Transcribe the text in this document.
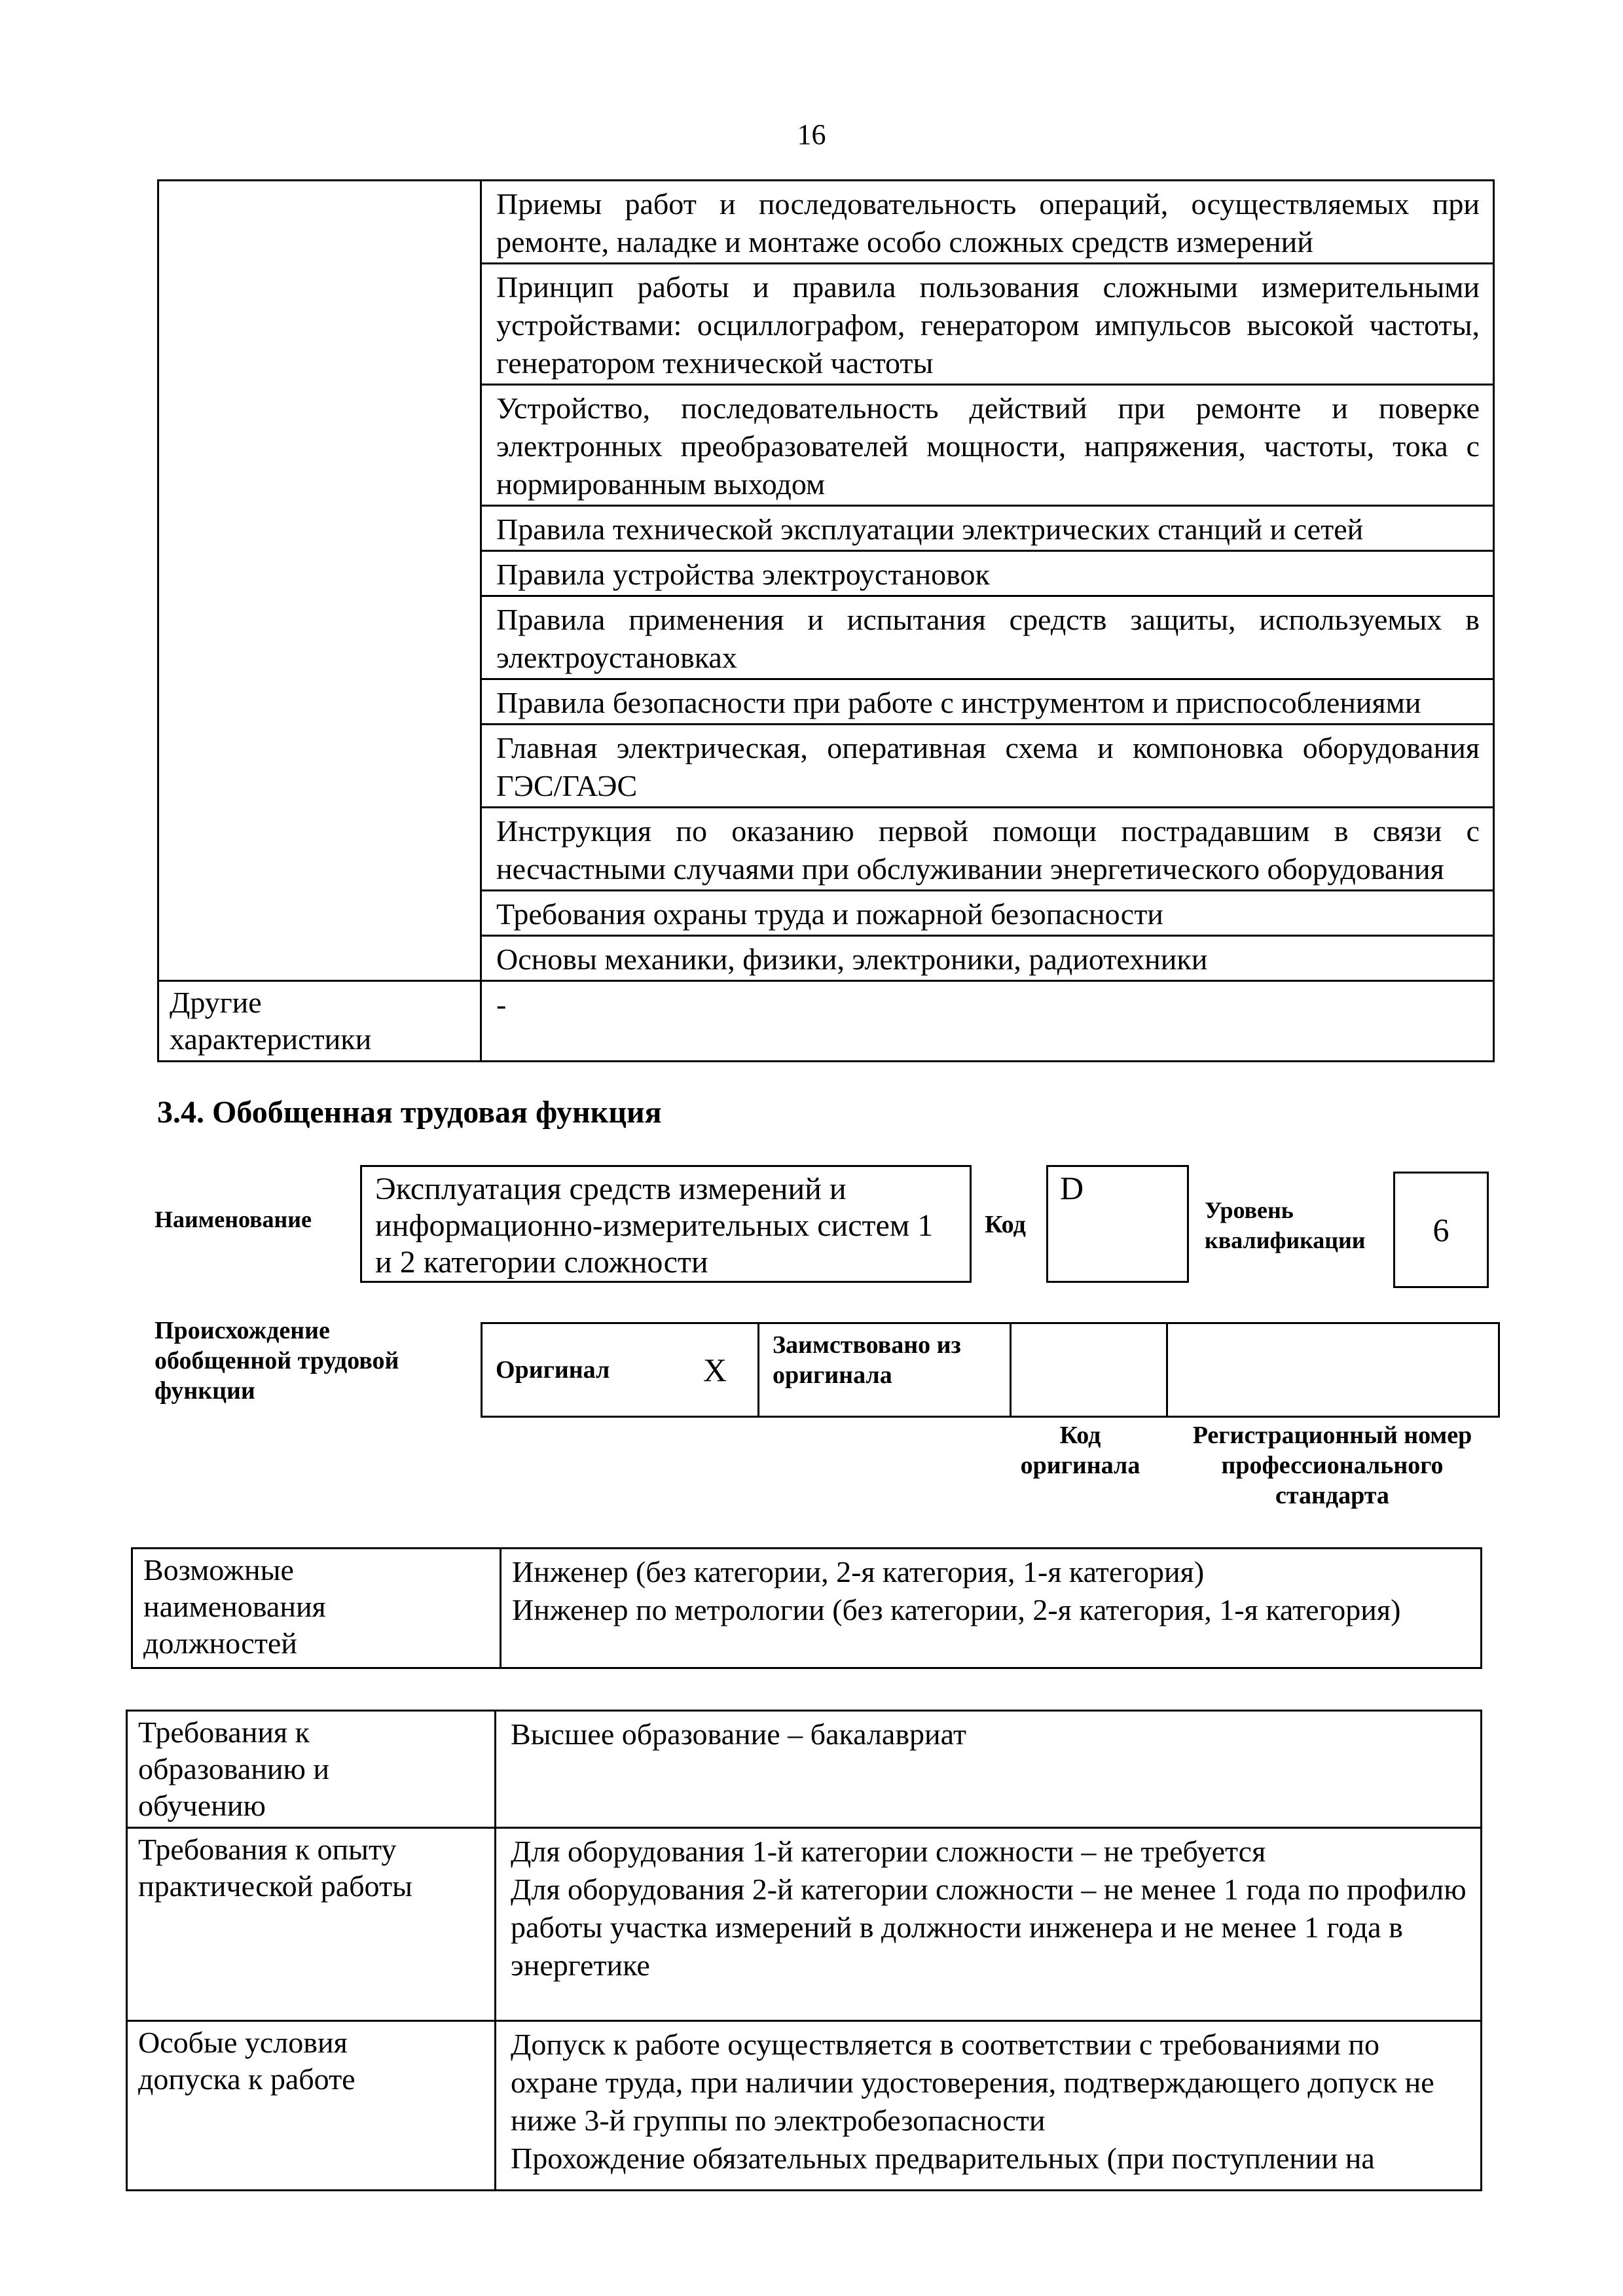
16

	Приемы работ и последовательность операций, осуществляемых при ремонте, наладке и монтаже особо сложных средств измерений

	Принцип работы и правила пользования сложными измерительными устройствами: осциллографом, генератором импульсов высокой частоты, генератором технической частоты

	Устройство, последовательность действий при ремонте и поверке электронных преобразователей мощности, напряжения, частоты, тока с нормированным выходом

	Правила технической эксплуатации электрических станций и сетей

	Правила устройства электроустановок

	Правила применения и испытания средств защиты, используемых в электроустановках

	Правила безопасности при работе с инструментом и приспособлениями

	Главная электрическая, оперативная схема и компоновка оборудования ГЭС/ГАЭС

	Инструкция по оказанию первой помощи пострадавшим в связи с несчастными случаями при обслуживании энергетического оборудования

	Требования охраны труда и пожарной безопасности

	Основы механики, физики, электроники, радиотехники

Другие характеристики	-
3.4. Обобщенная трудовая функция
Наименование
Эксплуатация средств измерений и информационно-измерительных систем 1 и 2 категории сложности
Код
D
Уровень квалификации	6
Происхождение обобщенной трудовой функции
Оригинал	X

Заимствовано из оригинала

Код оригинала
Регистрационный номер профессионального стандарта
Возможные наименования должностей

Инженер (без категории, 2-я категория, 1-я категория)
Инженер по метрологии (без категории, 2-я категория, 1-я категория)
Требования к образованию и обучению	Высшее образование – бакалавриат

Требования к опыту практической работы	Для оборудования 1-й категории сложности – не требуется
Для оборудования 2-й категории сложности – не менее 1 года по профилю работы участка измерений в должности инженера и не менее 1 года в энергетике

Особые условия допуска к работе	Допуск к работе осуществляется в соответствии с требованиями по охране труда, при наличии удостоверения, подтверждающего допуск не ниже 3-й группы по электробезопасности
Прохождение обязательных предварительных (при поступлении на
